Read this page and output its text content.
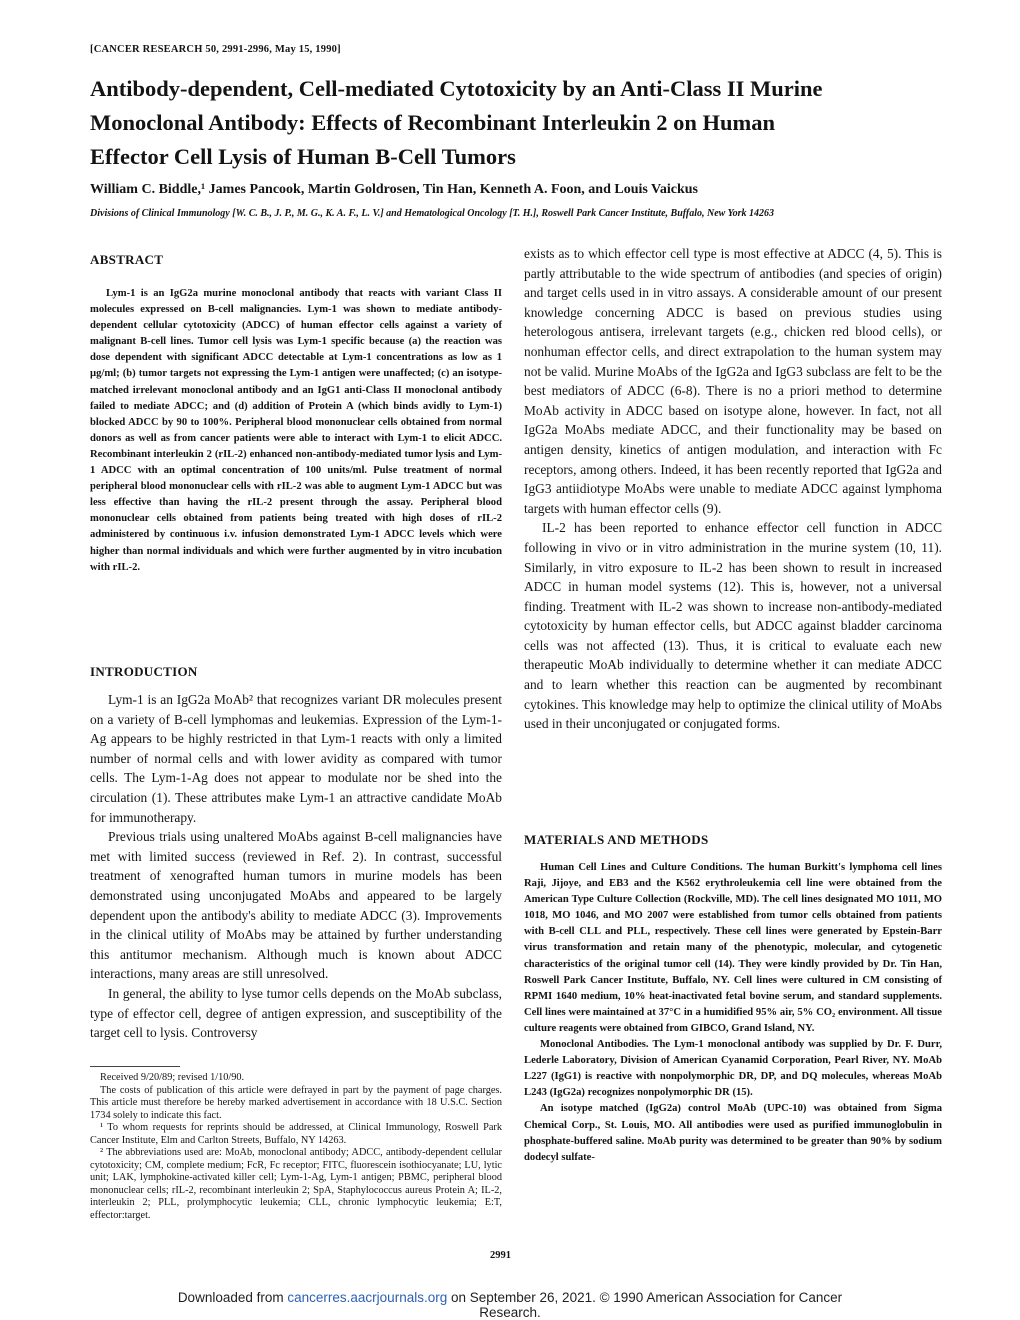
[CANCER RESEARCH 50, 2991-2996, May 15, 1990]
Antibody-dependent, Cell-mediated Cytotoxicity by an Anti-Class II Murine
Monoclonal Antibody: Effects of Recombinant Interleukin 2 on Human
Effector Cell Lysis of Human B-Cell Tumors
William C. Biddle,¹ James Pancook, Martin Goldrosen, Tin Han, Kenneth A. Foon, and Louis Vaickus
Divisions of Clinical Immunology [W. C. B., J. P., M. G., K. A. F., L. V.] and Hematological Oncology [T. H.], Roswell Park Cancer Institute, Buffalo, New York 14263
ABSTRACT

Lym-1 is an IgG2a murine monoclonal antibody that reacts with variant Class II molecules expressed on B-cell malignancies. Lym-1 was shown to mediate antibody-dependent cellular cytotoxicity (ADCC) of human effector cells against a variety of malignant B-cell lines. Tumor cell lysis was Lym-1 specific because (a) the reaction was dose dependent with significant ADCC detectable at Lym-1 concentrations as low as 1 µg/ml; (b) tumor targets not expressing the Lym-1 antigen were unaffected; (c) an isotype-matched irrelevant monoclonal antibody and an IgG1 anti-Class II monoclonal antibody failed to mediate ADCC; and (d) addition of Protein A (which binds avidly to Lym-1) blocked ADCC by 90 to 100%. Peripheral blood mononuclear cells obtained from normal donors as well as from cancer patients were able to interact with Lym-1 to elicit ADCC. Recombinant interleukin 2 (rIL-2) enhanced non-antibody-mediated tumor lysis and Lym-1 ADCC with an optimal concentration of 100 units/ml. Pulse treatment of normal peripheral blood mononuclear cells with rIL-2 was able to augment Lym-1 ADCC but was less effective than having the rIL-2 present through the assay. Peripheral blood mononuclear cells obtained from patients being treated with high doses of rIL-2 administered by continuous i.v. infusion demonstrated Lym-1 ADCC levels which were higher than normal individuals and which were further augmented by in vitro incubation with rIL-2.

INTRODUCTION

Lym-1 is an IgG2a MoAb² that recognizes variant DR molecules present on a variety of B-cell lymphomas and leukemias. Expression of the Lym-1-Ag appears to be highly restricted in that Lym-1 reacts with only a limited number of normal cells and with lower avidity as compared with tumor cells. The Lym-1-Ag does not appear to modulate nor be shed into the circulation (1). These attributes make Lym-1 an attractive candidate MoAb for immunotherapy.

Previous trials using unaltered MoAbs against B-cell malignancies have met with limited success (reviewed in Ref. 2). In contrast, successful treatment of xenografted human tumors in murine models has been demonstrated using unconjugated MoAbs and appeared to be largely dependent upon the antibody's ability to mediate ADCC (3). Improvements in the clinical utility of MoAbs may be attained by further understanding this antitumor mechanism. Although much is known about ADCC interactions, many areas are still unresolved.

In general, the ability to lyse tumor cells depends on the MoAb subclass, type of effector cell, degree of antigen expression, and susceptibility of the target cell to lysis. Controversy

Received 9/20/89; revised 1/10/90.

The costs of publication of this article were defrayed in part by the payment of page charges. This article must therefore be hereby marked advertisement in accordance with 18 U.S.C. Section 1734 solely to indicate this fact.

¹ To whom requests for reprints should be addressed, at Clinical Immunology, Roswell Park Cancer Institute, Elm and Carlton Streets, Buffalo, NY 14263.

² The abbreviations used are: MoAb, monoclonal antibody; ADCC, antibody-dependent cellular cytotoxicity; CM, complete medium; FcR, Fc receptor; FITC, fluorescein isothiocyanate; LU, lytic unit; LAK, lymphokine-activated killer cell; Lym-1-Ag, Lym-1 antigen; PBMC, peripheral blood mononuclear cells; rIL-2, recombinant interleukin 2; SpA, Staphylococcus aureus Protein A; IL-2, interleukin 2; PLL, prolymphocytic leukemia; CLL, chronic lymphocytic leukemia; E:T, effector:target.

exists as to which effector cell type is most effective at ADCC (4, 5). This is partly attributable to the wide spectrum of antibodies (and species of origin) and target cells used in in vitro assays. A considerable amount of our present knowledge concerning ADCC is based on previous studies using heterologous antisera, irrelevant targets (e.g., chicken red blood cells), or nonhuman effector cells, and direct extrapolation to the human system may not be valid. Murine MoAbs of the IgG2a and IgG3 subclass are felt to be the best mediators of ADCC (6-8). There is no a priori method to determine MoAb activity in ADCC based on isotype alone, however. In fact, not all IgG2a MoAbs mediate ADCC, and their functionality may be based on antigen density, kinetics of antigen modulation, and interaction with Fc receptors, among others. Indeed, it has been recently reported that IgG2a and IgG3 antiidiotype MoAbs were unable to mediate ADCC against lymphoma targets with human effector cells (9).

IL-2 has been reported to enhance effector cell function in ADCC following in vivo or in vitro administration in the murine system (10, 11). Similarly, in vitro exposure to IL-2 has been shown to result in increased ADCC in human model systems (12). This is, however, not a universal finding. Treatment with IL-2 was shown to increase non-antibody-mediated cytotoxicity by human effector cells, but ADCC against bladder carcinoma cells was not affected (13). Thus, it is critical to evaluate each new therapeutic MoAb individually to determine whether it can mediate ADCC and to learn whether this reaction can be augmented by recombinant cytokines. This knowledge may help to optimize the clinical utility of MoAbs used in their unconjugated or conjugated forms.

MATERIALS AND METHODS

Human Cell Lines and Culture Conditions. The human Burkitt's lymphoma cell lines Raji, Jijoye, and EB3 and the K562 erythroleukemia cell line were obtained from the American Type Culture Collection (Rockville, MD). The cell lines designated MO 1011, MO 1018, MO 1046, and MO 2007 were established from tumor cells obtained from patients with B-cell CLL and PLL, respectively. These cell lines were generated by Epstein-Barr virus transformation and retain many of the phenotypic, molecular, and cytogenetic characteristics of the original tumor cell (14). They were kindly provided by Dr. Tin Han, Roswell Park Cancer Institute, Buffalo, NY. Cell lines were cultured in CM consisting of RPMI 1640 medium, 10% heat-inactivated fetal bovine serum, and standard supplements. Cell lines were maintained at 37°C in a humidified 95% air, 5% CO₂ environment. All tissue culture reagents were obtained from GIBCO, Grand Island, NY.

Monoclonal Antibodies. The Lym-1 monoclonal antibody was supplied by Dr. F. Durr, Lederle Laboratory, Division of American Cyanamid Corporation, Pearl River, NY. MoAb L227 (IgG1) is reactive with nonpolymorphic DR, DP, and DQ molecules, whereas MoAb L243 (IgG2a) recognizes nonpolymorphic DR (15).

An isotype matched (IgG2a) control MoAb (UPC-10) was obtained from Sigma Chemical Corp., St. Louis, MO. All antibodies were used as purified immunoglobulin in phosphate-buffered saline. MoAb purity was determined to be greater than 90% by sodium dodecyl sulfate-

2991
Downloaded from cancerres.aacrjournals.org on September 26, 2021. © 1990 American Association for Cancer
Research.
